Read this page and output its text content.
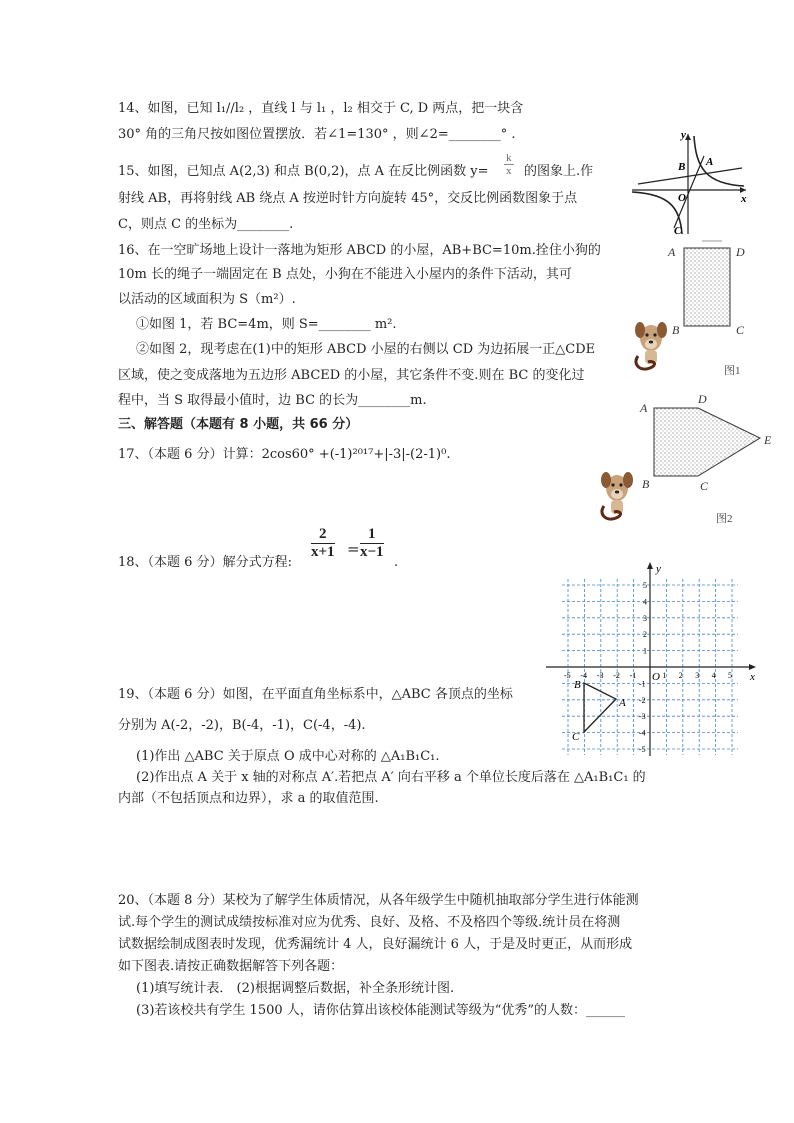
14、如图，已知 l₁//l₂ ，直线 l 与 l₁ ，l₂ 相交于 C, D 两点，把一块含
30° 角的三角尺按如图位置摆放．若∠1=130° ，则∠2=________° .
15、如图，已知点 A(2,3) 和点 B(0,2)，点 A 在反比例函数 $y= \frac{k}{x}$ 的图象上.作
射线 AB，再将射线 AB 绕点 A 按逆时针方向旋转 45°，交反比例函数图象于点
C，则点 C 的坐标为________.
16、在一空旷场地上设计一落地为矩形 ABCD 的小屋，AB+BC=10m.拴住小狗的
10m 长的绳子一端固定在 B 点处，小狗在不能进入小屋内的条件下活动，其可
以活动的区域面积为 S（m²）.
①如图 1，若 BC=4m，则 S=________ m².
②如图 2，现考虑在(1)中的矩形 ABCD 小屋的右侧以 CD 为边拓展一正△CDE
区域，使之变成落地为五边形 ABCED 的小屋，其它条件不变.则在 BC 的变化过
程中，当 S 取得最小值时，边 BC 的长为________m.
三、解答题（本题有 8 小题，共 66 分）
17、（本题 6 分）计算：2cos60° +(-1)²⁰¹⁷+|-3|-(2-1)⁰.
18、（本题 6 分）解分式方程:
$\frac{2}{x+1} = \frac{1}{x-1}$
.
19、（本题 6 分）如图，在平面直角坐标系中，△ABC 各顶点的坐标
分别为 A(-2，-2)，B(-4，-1)，C(-4，-4).
(1)作出 △ABC 关于原点 O 成中心对称的 △A₁B₁C₁.
(2)作出点 A 关于 x 轴的对称点 A′.若把点 A′ 向右平移 a 个单位长度后落在 △A₁B₁C₁ 的
内部（不包括顶点和边界），求 a 的取值范围.
20、（本题 8 分）某校为了解学生体质情况，从各年级学生中随机抽取部分学生进行体能测
试.每个学生的测试成绩按标准对应为优秀、良好、及格、不及格四个等级.统计员在将测
试数据绘制成图表时发现，优秀漏统计 4 人，良好漏统计 6 人，于是及时更正，从而形成
如下图表.请按正确数据解答下列各题：
(1)填写统计表． (2)根据调整后数据，补全条形统计图.
(3)若该校共有学生 1500 人，请你估算出该校体能测试等级为“优秀”的人数：______
y
x
O
A
B
C
A	D
B	C
图1
A
D
E
B	C
图2
x
y
O
A
B
C
-5 -4 -3 -2 -1	1 2 3 4 5
5
4
3
2
1
-1
-2
-3
-4
-5
